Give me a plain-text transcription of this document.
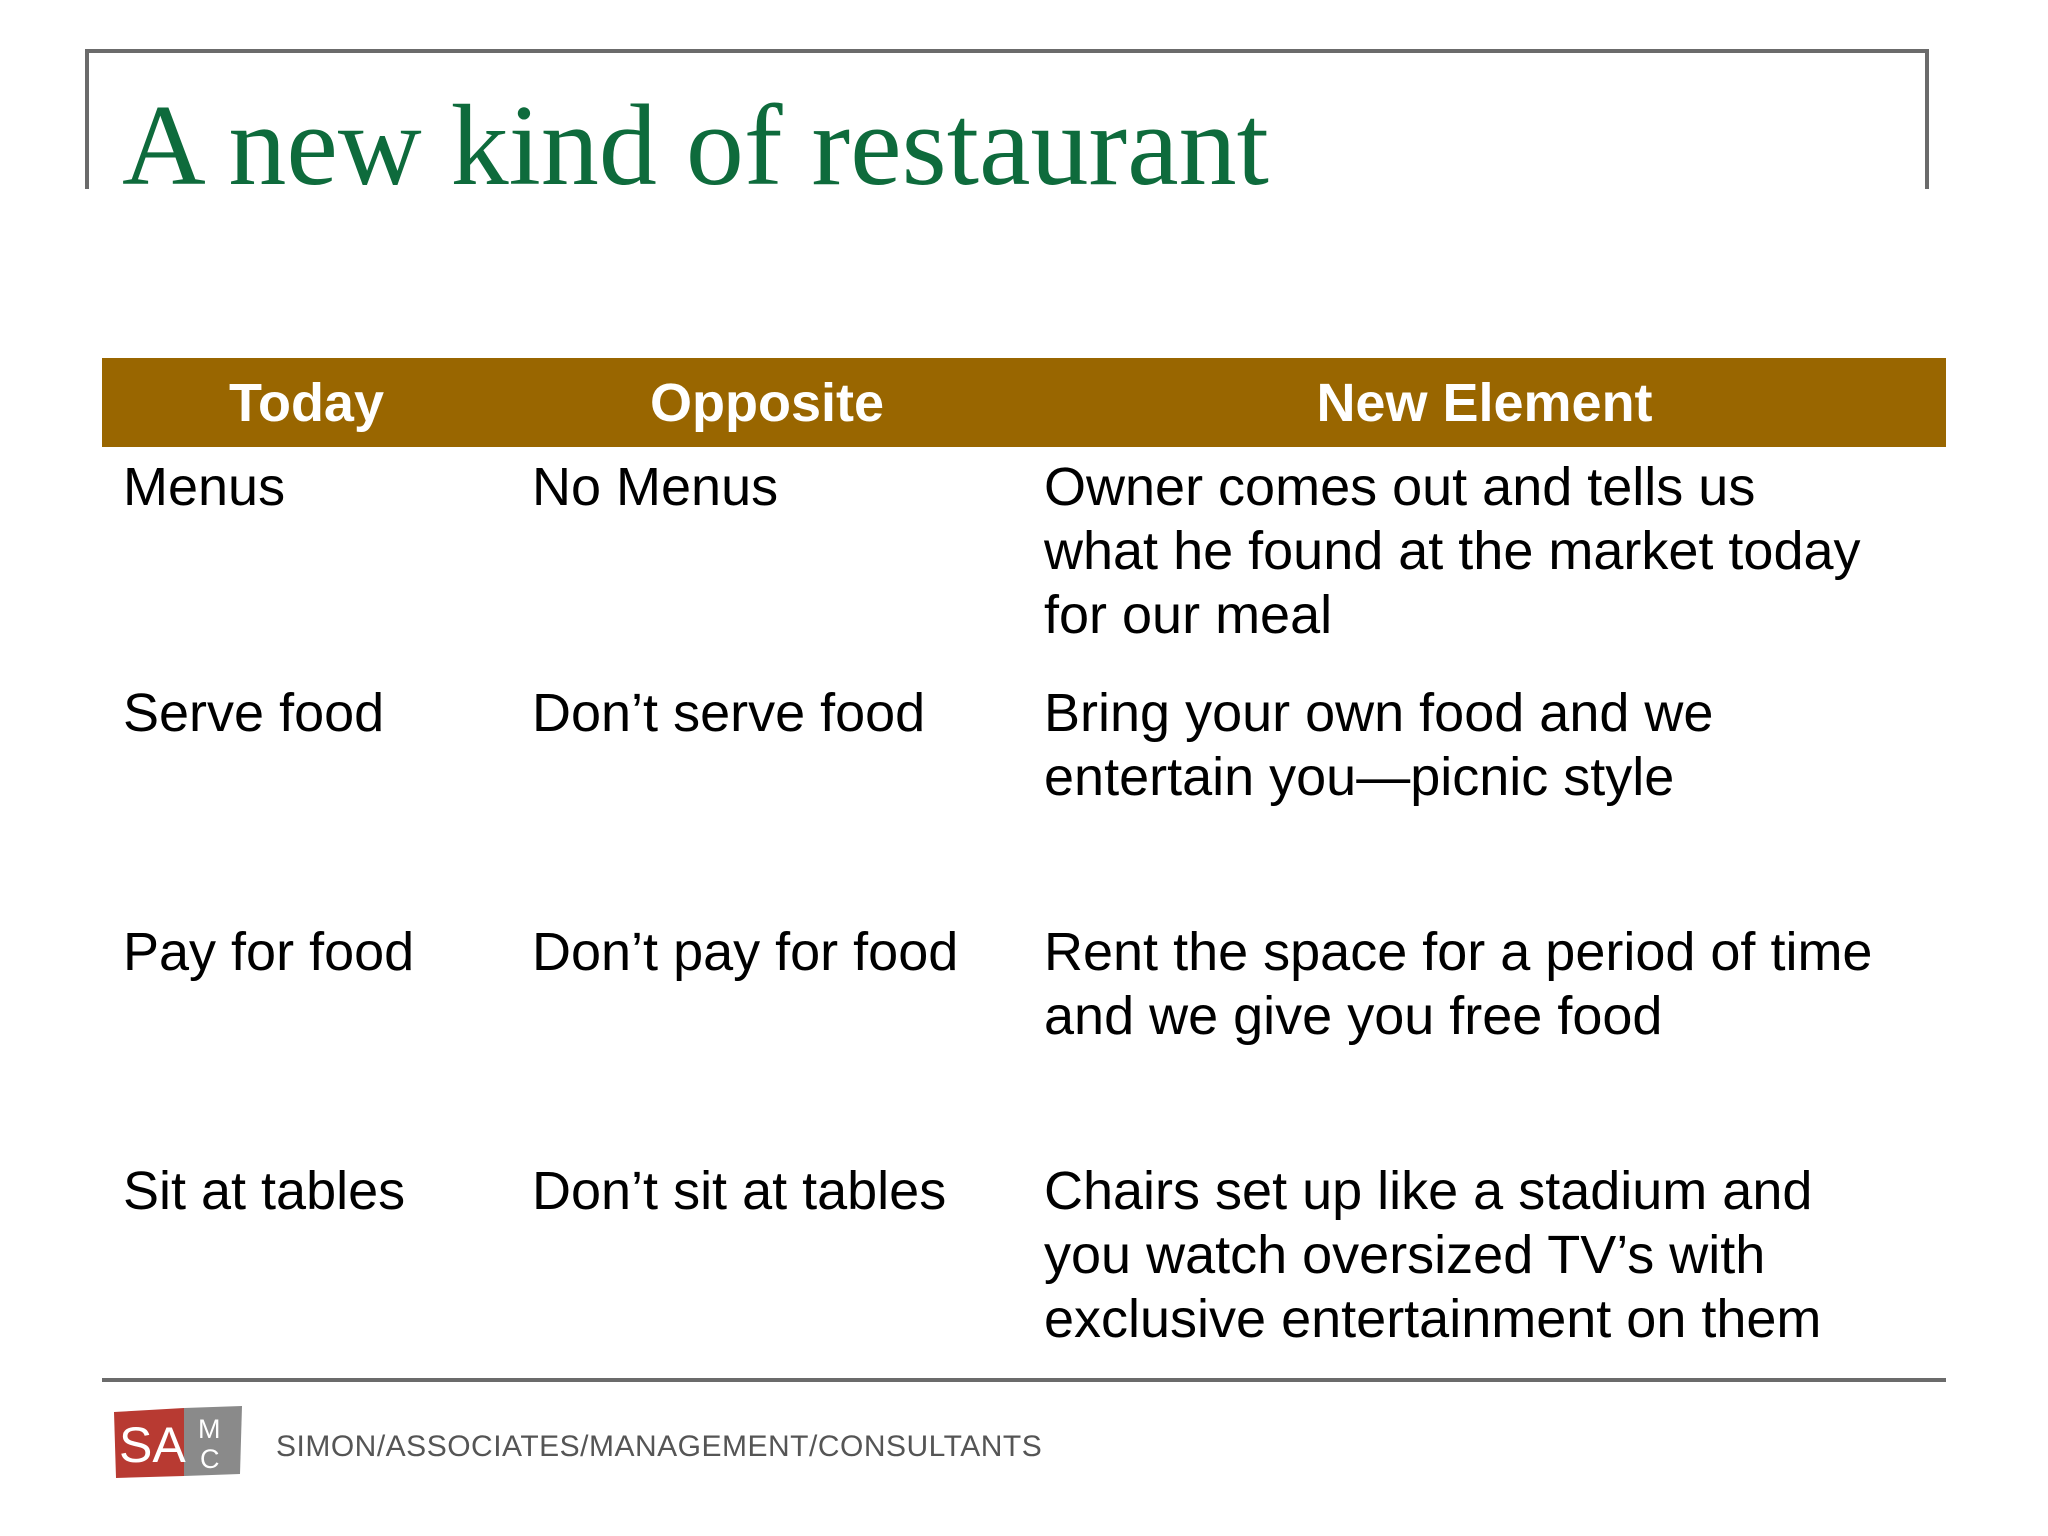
A new kind of restaurant
Today	Opposite	New Element
Menus	No Menus	Owner comes out and tells us
what he found at the market today
for our meal
Serve food	Don’t serve food	Bring your own food and we
entertain you—picnic style
Pay for food	Don’t pay for food	Rent the space for a period of time
and we give you free food
Sit at tables	Don’t sit at tables	Chairs set up like a stadium and
you watch oversized TV’s with
exclusive entertainment on them
SA M
C SIMON/ASSOCIATES/MANAGEMENT/CONSULTANTS
